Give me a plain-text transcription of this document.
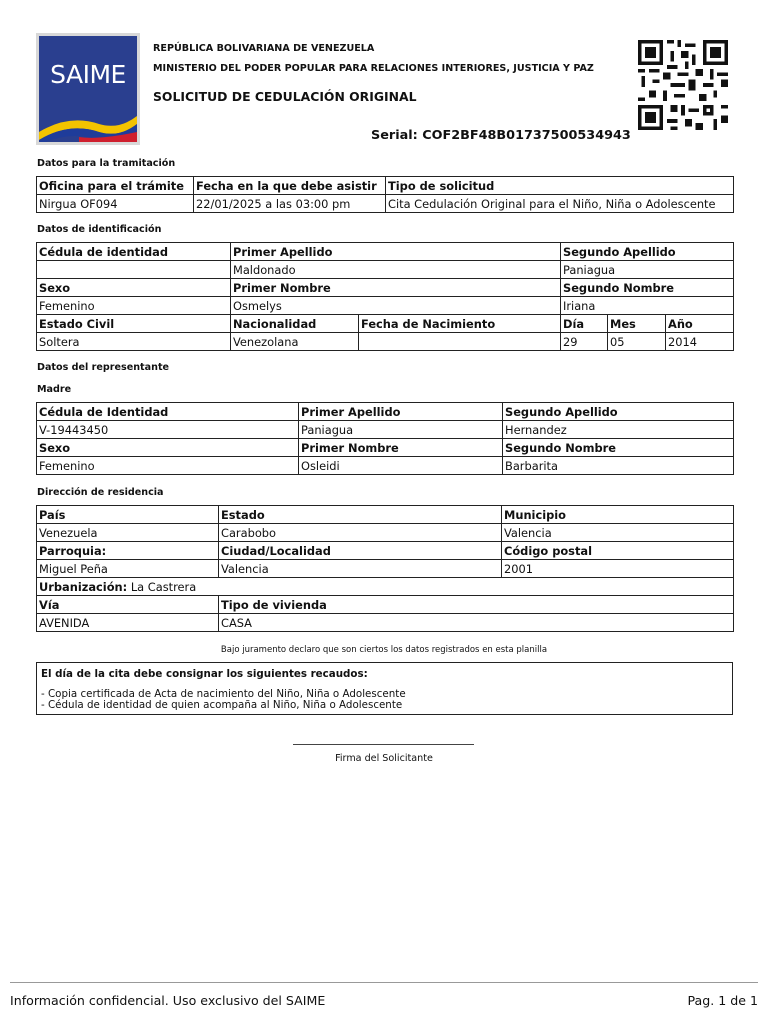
SAIME
REPÚBLICA BOLIVARIANA DE VENEZUELA
MINISTERIO DEL PODER POPULAR PARA RELACIONES INTERIORES, JUSTICIA Y PAZ
SOLICITUD DE CEDULACIÓN ORIGINAL
Serial: COF2BF48B01737500534943
Datos para la tramitación
Oficina para el trámite	Fecha en la que debe asistir	Tipo de solicitud
Nirgua OF094	22/01/2025 a las 03:00 pm	Cita Cedulación Original para el Niño, Niña o Adolescente
Datos de identificación
Cédula de identidad	Primer Apellido		Segundo Apellido		
	Maldonado		Paniagua		
Sexo	Primer Nombre		Segundo Nombre		
Femenino	Osmelys		Iriana		
Estado Civil	Nacionalidad	Fecha de Nacimiento	Día	Mes	Año
Soltera	Venezolana		29	05	2014
Datos del representante
Madre
Cédula de Identidad	Primer Apellido	Segundo Apellido
V-19443450	Paniagua	Hernandez
Sexo	Primer Nombre	Segundo Nombre
Femenino	Osleidi	Barbarita
Dirección de residencia
País	Estado	Municipio
Venezuela	Carabobo	Valencia
Parroquia:	Ciudad/Localidad	Código postal
Miguel Peña	Valencia	2001
Urbanización: La Castrera		
Vía	Tipo de vivienda	
AVENIDA	CASA	
Bajo juramento declaro que son ciertos los datos registrados en esta planilla
El día de la cita debe consignar los siguientes recaudos:
- Copia certificada de Acta de nacimiento del Niño, Niña o Adolescente
- Cédula de identidad de quien acompaña al Niño, Niña o Adolescente
Firma del Solicitante
Información confidencial. Uso exclusivo del SAIME	Pag. 1 de 1
